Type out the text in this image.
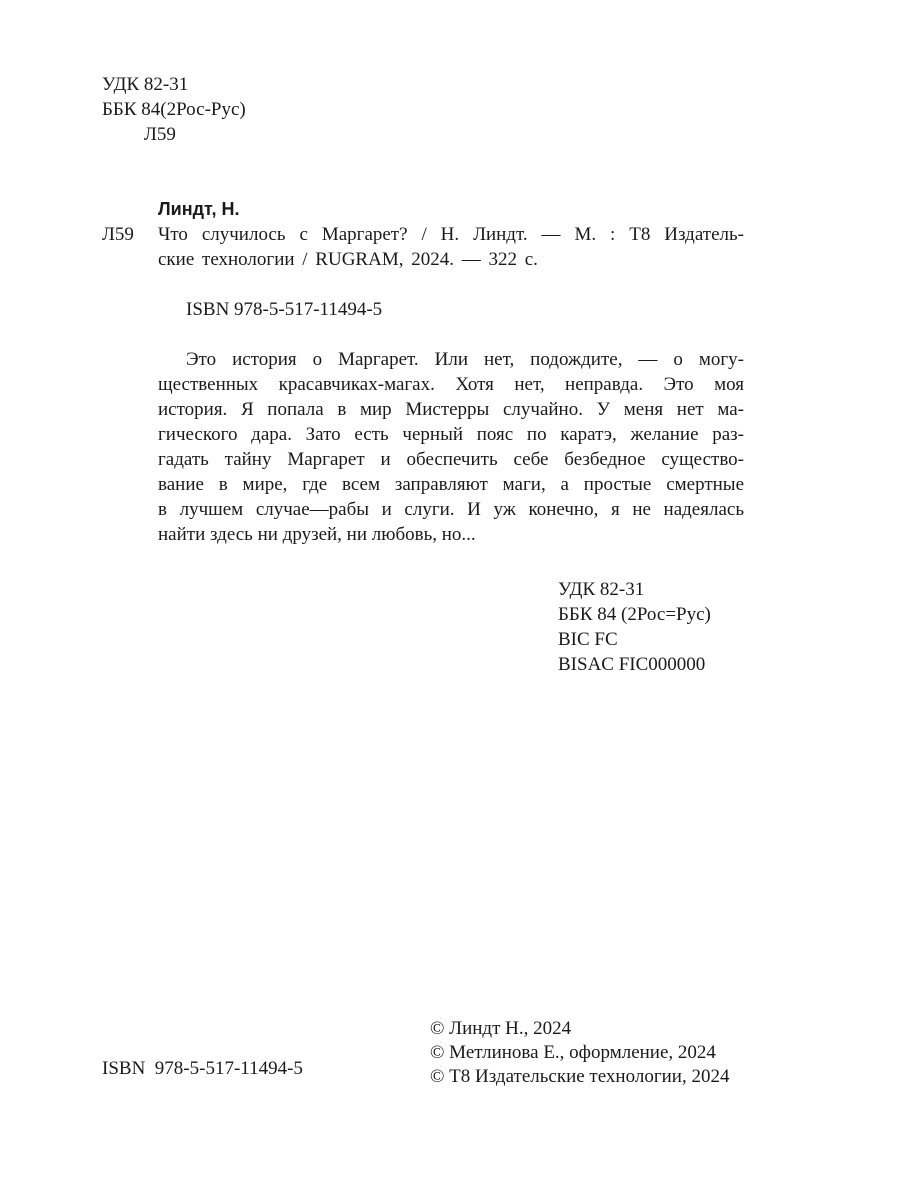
УДК 82-31
ББК 84(2Рос-Рус)
Л59
Линдт, Н.
Л59 Что случилось с Маргарет? / Н. Линдт. — М. : Т8 Издатель-
ские технологии / RUGRAM, 2024. — 322 с.
ISBN 978-5-517-11494-5
Это история о Маргарет. Или нет, подождите, — о могу-
щественных красавчиках-магах. Хотя нет, неправда. Это моя
история. Я попала в мир Мистерры случайно. У меня нет ма-
гического дара. Зато есть черный пояс по каратэ, желание раз-
гадать тайну Маргарет и обеспечить себе безбедное существо-
вание в мире, где всем заправляют маги, а простые смертные
в лучшем случае—рабы и слуги. И уж конечно, я не надеялась
найти здесь ни друзей, ни любовь, но...
УДК 82-31
ББК 84 (2Рос=Рус)
BIC FC
BISAC FIC000000
ISBN  978-5-517-11494-5
© Линдт Н., 2024
© Метлинова Е., оформление, 2024
© Т8 Издательские технологии, 2024
